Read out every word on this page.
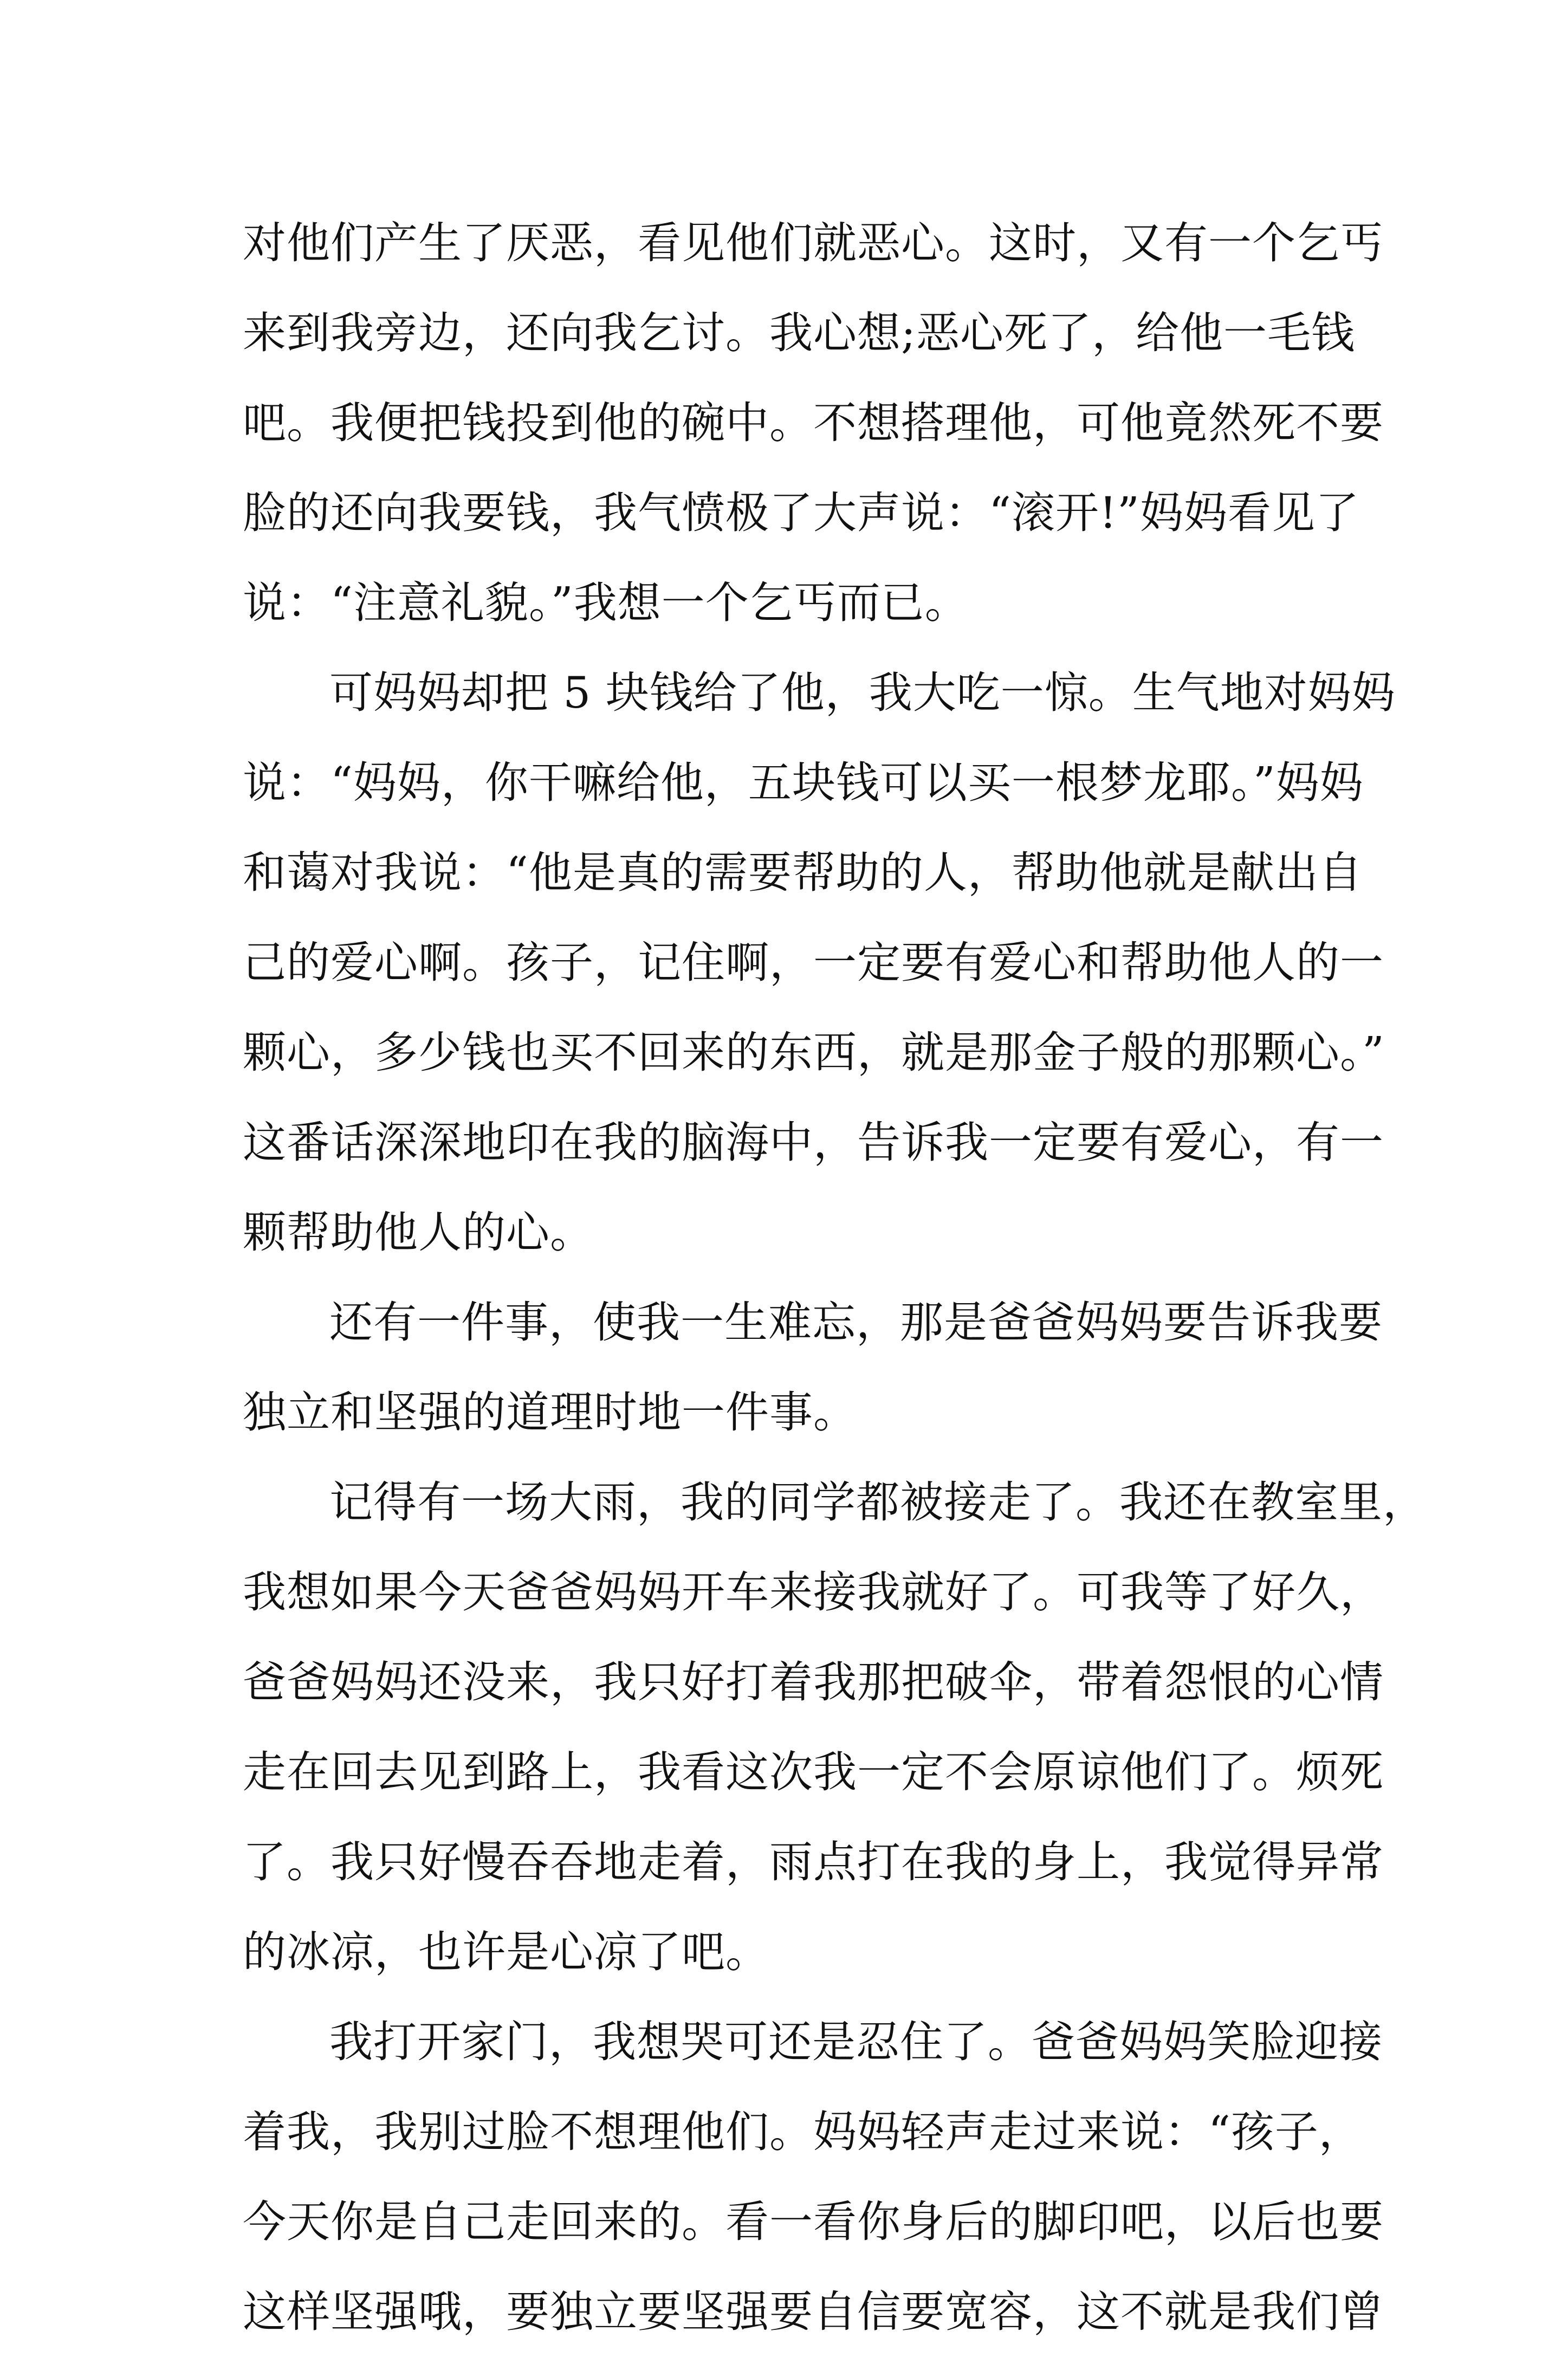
对他们产生了厌恶，看见他们就恶心。这时，又有一个乞丐
来到我旁边，还向我乞讨。我心想;恶心死了，给他一毛钱
吧。我便把钱投到他的碗中。不想搭理他，可他竟然死不要
脸的还向我要钱，我气愤极了大声说：“滚开!”妈妈看见了
说：“注意礼貌。”我想一个乞丐而已。
可妈妈却把 5 块钱给了他，我大吃一惊。生气地对妈妈
说：“妈妈，你干嘛给他，五块钱可以买一根梦龙耶。”妈妈
和蔼对我说：“他是真的需要帮助的人，帮助他就是献出自
己的爱心啊。孩子，记住啊，一定要有爱心和帮助他人的一
颗心，多少钱也买不回来的东西，就是那金子般的那颗心。”
这番话深深地印在我的脑海中，告诉我一定要有爱心，有一
颗帮助他人的心。
还有一件事，使我一生难忘，那是爸爸妈妈要告诉我要
独立和坚强的道理时地一件事。
记得有一场大雨，我的同学都被接走了。我还在教室里，
我想如果今天爸爸妈妈开车来接我就好了。可我等了好久，
爸爸妈妈还没来，我只好打着我那把破伞，带着怨恨的心情
走在回去见到路上，我看这次我一定不会原谅他们了。烦死
了。我只好慢吞吞地走着，雨点打在我的身上，我觉得异常
的冰凉，也许是心凉了吧。
我打开家门，我想哭可还是忍住了。爸爸妈妈笑脸迎接
着我，我别过脸不想理他们。妈妈轻声走过来说：“孩子，
今天你是自己走回来的。看一看你身后的脚印吧，以后也要
这样坚强哦，要独立要坚强要自信要宽容，这不就是我们曾
